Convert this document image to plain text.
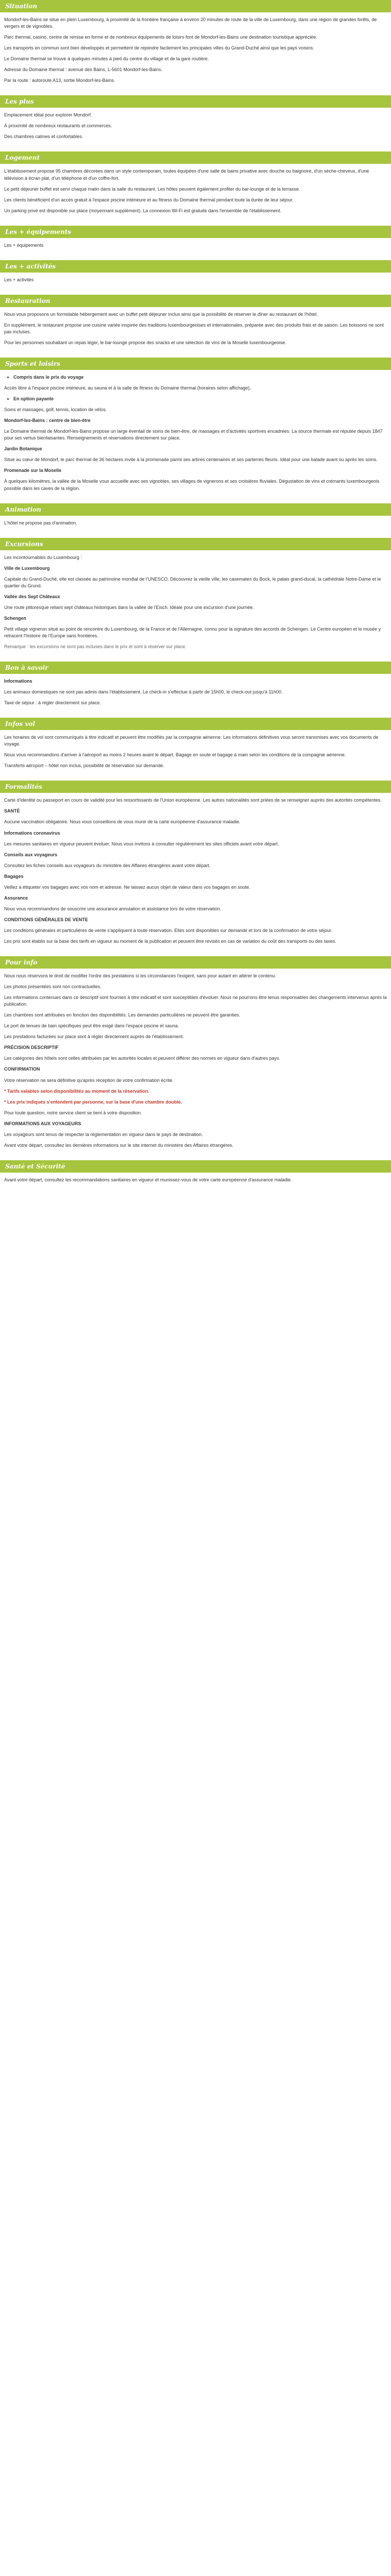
Situation

Mondorf-les-Bains se situe en plein Luxembourg, à proximité de la frontière française à environ 20 minutes de route de la ville de Luxembourg, dans une région de grandes forêts, de vergers et de vignobles.

Parc thermal, casino, centre de remise en forme et de nombreux équipements de loisirs font de Mondorf-les-Bains une destination touristique appréciée.

Les transports en commun sont bien développés et permettent de rejoindre facilement les principales villes du Grand-Duché ainsi que les pays voisins.

Le Domaine thermal se trouve à quelques minutes à pied du centre du village et de la gare routière.

Adresse du Domaine thermal : avenue des Bains, L-5601 Mondorf-les-Bains.

Par la route : autoroute A13, sortie Mondorf-les-Bains.

Les plus

Emplacement idéal pour explorer Mondorf.

À proximité de nombreux restaurants et commerces.

Des chambres calmes et confortables.

Logement

L'établissement propose 95 chambres décorées dans un style contemporain, toutes équipées d'une salle de bains privative avec douche ou baignoire, d'un sèche-cheveux, d'une télévision à écran plat, d'un téléphone et d'un coffre-fort.

Le petit déjeuner buffet est servi chaque matin dans la salle du restaurant. Les hôtes peuvent également profiter du bar-lounge et de la terrasse.

Les clients bénéficient d'un accès gratuit à l'espace piscine intérieure et au fitness du Domaine thermal pendant toute la durée de leur séjour.

Un parking privé est disponible sur place (moyennant supplément). La connexion Wi-Fi est gratuite dans l'ensemble de l'établissement.

Les + équipements

Les + équipements

Les + activités

Les + activités

Restauration

Nous vous proposons un formidable hébergement avec un buffet petit déjeuner inclus ainsi que la possibilité de réserver le dîner au restaurant de l'hôtel.

En supplément, le restaurant propose une cuisine variée inspirée des traditions luxembourgeoises et internationales, préparée avec des produits frais et de saison. Les boissons ne sont pas incluses.

Pour les personnes souhaitant un repas léger, le bar-lounge propose des snacks et une sélection de vins de la Moselle luxembourgeoise.

Sports et loisirs
• Compris dans le prix du voyage

Accès libre à l'espace piscine intérieure, au sauna et à la salle de fitness du Domaine thermal (horaires selon affichage).

• En option payante

Soins et massages, golf, tennis, location de vélos.

Mondorf-les-Bains : centre de bien-être

Le Domaine thermal de Mondorf-les-Bains propose un large éventail de soins de bien-être, de massages et d'activités sportives encadrées. La source thermale est réputée depuis 1847 pour ses vertus bienfaisantes. Renseignements et réservations directement sur place.

Jardin Botanique

Situé au cœur de Mondorf, le parc thermal de 36 hectares invite à la promenade parmi ses arbres centenaires et ses parterres fleuris. Idéal pour une balade avant ou après les soins.

Promenade sur la Moselle

À quelques kilomètres, la vallée de la Moselle vous accueille avec ses vignobles, ses villages de vignerons et ses croisières fluviales. Dégustation de vins et crémants luxembourgeois possible dans les caves de la région.

Animation

L'hôtel ne propose pas d'animation.

Excursions

Les incontournables du Luxembourg :

Ville de Luxembourg

Capitale du Grand-Duché, elle est classée au patrimoine mondial de l'UNESCO. Découvrez la vieille ville, les casemates du Bock, le palais grand-ducal, la cathédrale Notre-Dame et le quartier du Grund.

Vallée des Sept Châteaux

Une route pittoresque reliant sept châteaux historiques dans la vallée de l'Eisch. Idéale pour une excursion d'une journée.

Schengen

Petit village vigneron situé au point de rencontre du Luxembourg, de la France et de l'Allemagne, connu pour la signature des accords de Schengen. Le Centre européen et le musée y retracent l'histoire de l'Europe sans frontières.

Remarque : les excursions ne sont pas incluses dans le prix et sont à réserver sur place.

Bon à savoir

Informations

Les animaux domestiques ne sont pas admis dans l'établissement. Le check-in s'effectue à partir de 15h00, le check-out jusqu'à 11h00.

Taxe de séjour : à régler directement sur place.

Infos vol

Les horaires de vol sont communiqués à titre indicatif et peuvent être modifiés par la compagnie aérienne. Les informations définitives vous seront transmises avec vos documents de voyage.

Nous vous recommandons d'arriver à l'aéroport au moins 2 heures avant le départ. Bagage en soute et bagage à main selon les conditions de la compagnie aérienne.

Transferts aéroport – hôtel non inclus, possibilité de réservation sur demande.

Formalités

Carte d'identité ou passeport en cours de validité pour les ressortissants de l'Union européenne. Les autres nationalités sont priées de se renseigner auprès des autorités compétentes.

SANTÉ

Aucune vaccination obligatoire. Nous vous conseillons de vous munir de la carte européenne d'assurance maladie.

Informations coronavirus

Les mesures sanitaires en vigueur peuvent évoluer. Nous vous invitons à consulter régulièrement les sites officiels avant votre départ.

Conseils aux voyageurs

Consultez les fiches conseils aux voyageurs du ministère des Affaires étrangères avant votre départ.

Bagages

Veillez à étiqueter vos bagages avec vos nom et adresse. Ne laissez aucun objet de valeur dans vos bagages en soute.

Assurance

Nous vous recommandons de souscrire une assurance annulation et assistance lors de votre réservation.

CONDITIONS GÉNÉRALES DE VENTE

Les conditions générales et particulières de vente s'appliquent à toute réservation. Elles sont disponibles sur demande et lors de la confirmation de votre séjour.

Les prix sont établis sur la base des tarifs en vigueur au moment de la publication et peuvent être révisés en cas de variation du coût des transports ou des taxes.

Pour info

Nous nous réservons le droit de modifier l'ordre des prestations si les circonstances l'exigent, sans pour autant en altérer le contenu.

Les photos présentées sont non contractuelles.

Les informations contenues dans ce descriptif sont fournies à titre indicatif et sont susceptibles d'évoluer. Nous ne pourrons être tenus responsables des changements intervenus après la publication.

Les chambres sont attribuées en fonction des disponibilités. Les demandes particulières ne peuvent être garanties.

Le port de tenues de bain spécifiques peut être exigé dans l'espace piscine et sauna.

Les prestations facturées sur place sont à régler directement auprès de l'établissement.

PRÉCISION DESCRIPTIF

Les catégories des hôtels sont celles attribuées par les autorités locales et peuvent différer des normes en vigueur dans d'autres pays.

CONFIRMATION

Votre réservation ne sera définitive qu'après réception de votre confirmation écrite.

* Tarifs valables selon disponibilités au moment de la réservation.

* Les prix indiqués s'entendent par personne, sur la base d'une chambre double.

Pour toute question, notre service client se tient à votre disposition.

INFORMATIONS AUX VOYAGEURS

Les voyageurs sont tenus de respecter la réglementation en vigueur dans le pays de destination.

Avant votre départ, consultez les dernières informations sur le site internet du ministère des Affaires étrangères.

Santé et Sécurité

Avant votre départ, consultez les recommandations sanitaires en vigueur et munissez-vous de votre carte européenne d'assurance maladie.
